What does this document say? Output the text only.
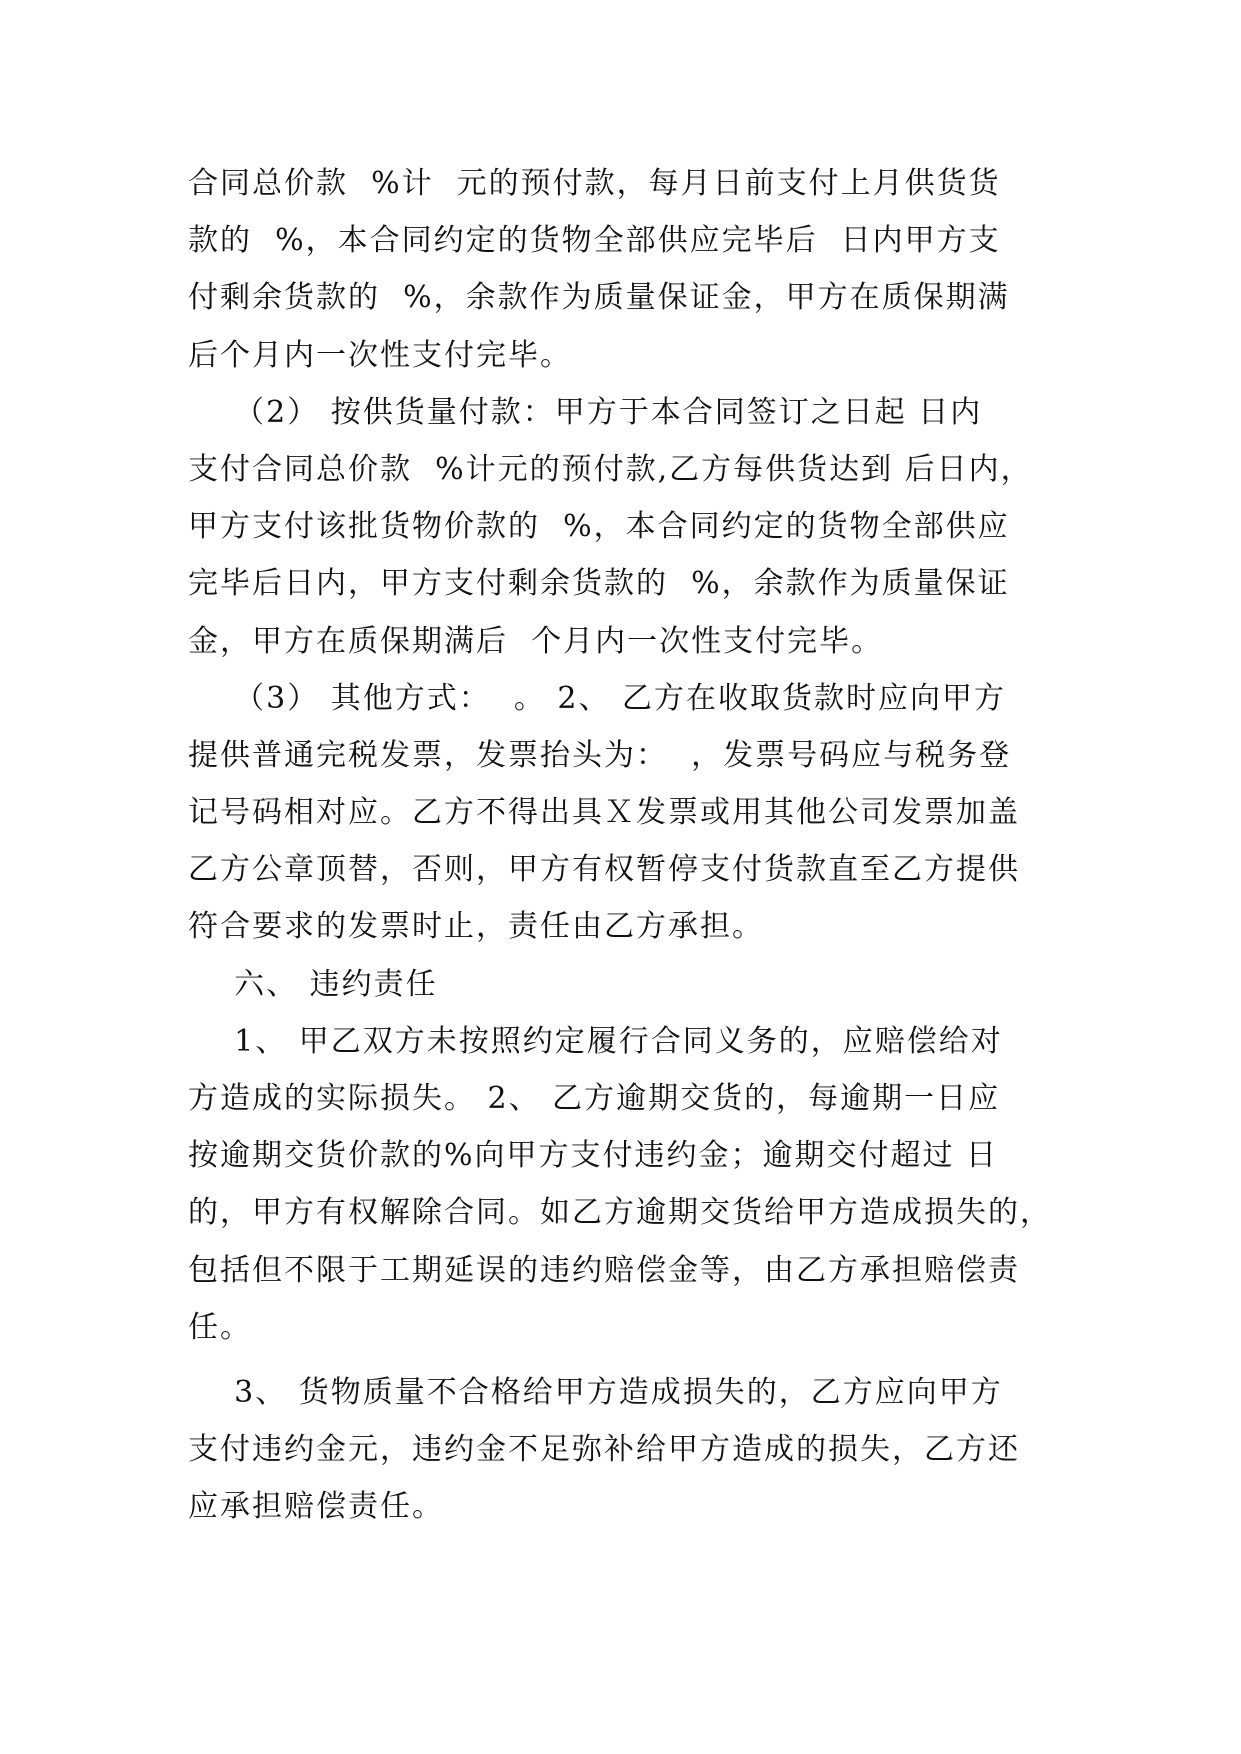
合同总价款  %计  元的预付款，每月日前支付上月供货货
款的  %，本合同约定的货物全部供应完毕后  日内甲方支
付剩余货款的  %，余款作为质量保证金，甲方在质保期满
后个月内一次性支付完毕。
（2） 按供货量付款：甲方于本合同签订之日起 日内
支付合同总价款  %计元的预付款,乙方每供货达到 后日内，
甲方支付该批货物价款的  %，本合同约定的货物全部供应
完毕后日内，甲方支付剩余货款的  %，余款作为质量保证
金，甲方在质保期满后  个月内一次性支付完毕。
（3） 其他方式：  。 2、 乙方在收取货款时应向甲方
提供普通完税发票，发票抬头为：  ，发票号码应与税务登
记号码相对应。乙方不得出具Ｘ发票或用其他公司发票加盖
乙方公章顶替，否则，甲方有权暂停支付货款直至乙方提供
符合要求的发票时止，责任由乙方承担。
六、 违约责任
1、 甲乙双方未按照约定履行合同义务的，应赔偿给对
方造成的实际损失。 2、 乙方逾期交货的，每逾期一日应
按逾期交货价款的%向甲方支付违约金；逾期交付超过 日
的，甲方有权解除合同。如乙方逾期交货给甲方造成损失的，
包括但不限于工期延误的违约赔偿金等，由乙方承担赔偿责
任。
3、 货物质量不合格给甲方造成损失的，乙方应向甲方
支付违约金元，违约金不足弥补给甲方造成的损失，乙方还
应承担赔偿责任。
